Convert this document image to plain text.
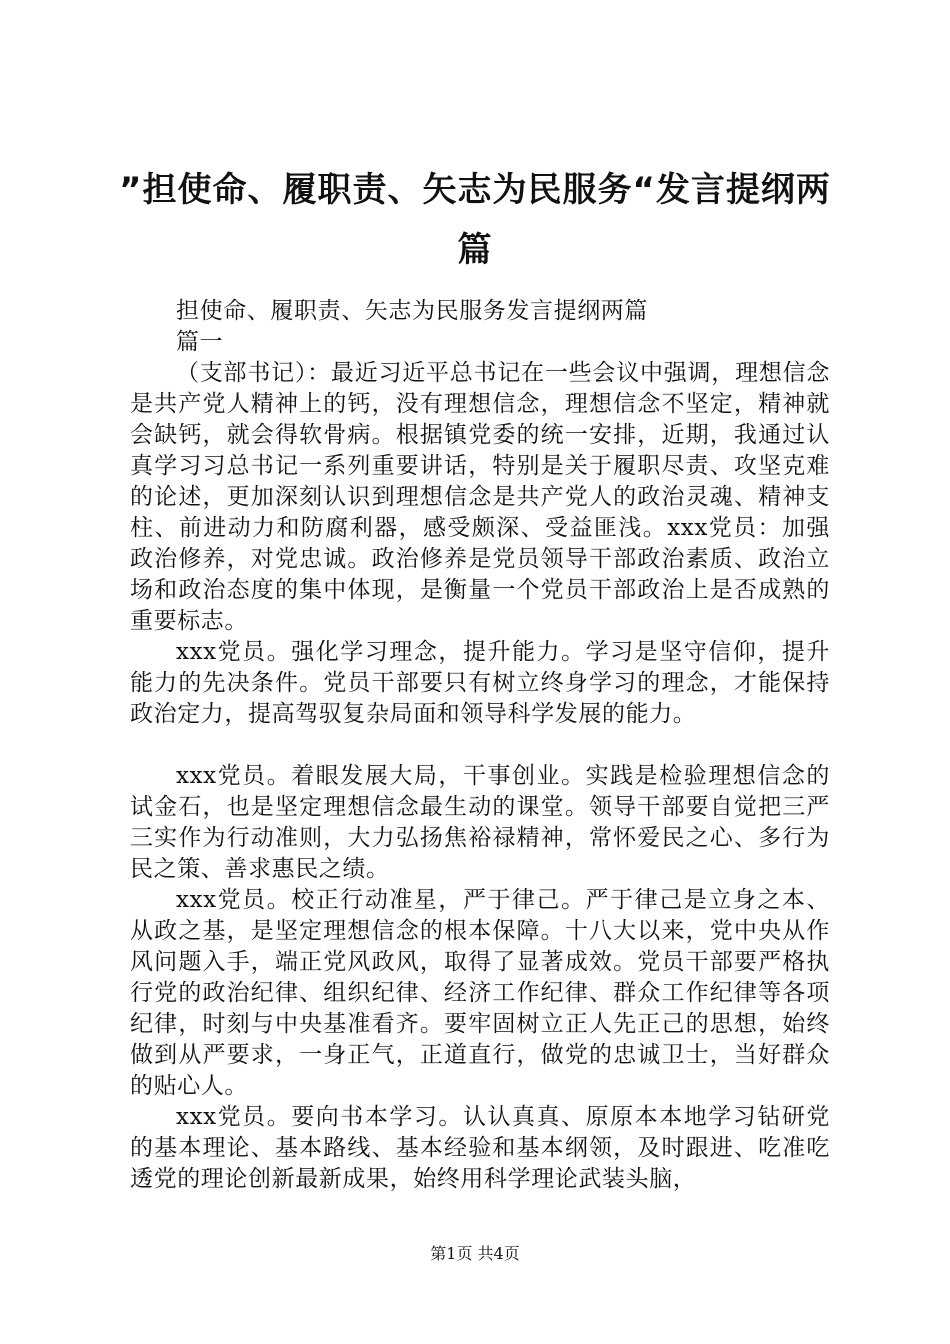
”担使命、履职责、矢志为民服务“发言提纲两篇

担使命、履职责、矢志为民服务发言提纲两篇

篇一

（支部书记）：最近习近平总书记在一些会议中强调，理想信念是共产党人精神上的钙，没有理想信念，理想信念不坚定，精神就会缺钙，就会得软骨病。根据镇党委的统一安排，近期，我通过认真学习习总书记一系列重要讲话，特别是关于履职尽责、攻坚克难的论述，更加深刻认识到理想信念是共产党人的政治灵魂、精神支柱、前进动力和防腐利器，感受颇深、受益匪浅。xxx党员：加强政治修养，对党忠诚。政治修养是党员领导干部政治素质、政治立场和政治态度的集中体现，是衡量一个党员干部政治上是否成熟的重要标志。

xxx党员。强化学习理念，提升能力。学习是坚守信仰，提升能力的先决条件。党员干部要只有树立终身学习的理念，才能保持政治定力，提高驾驭复杂局面和领导科学发展的能力。

xxx党员。着眼发展大局，干事创业。实践是检验理想信念的试金石，也是坚定理想信念最生动的课堂。领导干部要自觉把三严三实作为行动准则，大力弘扬焦裕禄精神，常怀爱民之心、多行为民之策、善求惠民之绩。

xxx党员。校正行动准星，严于律己。严于律己是立身之本、从政之基，是坚定理想信念的根本保障。十八大以来，党中央从作风问题入手，端正党风政风，取得了显著成效。党员干部要严格执行党的政治纪律、组织纪律、经济工作纪律、群众工作纪律等各项纪律，时刻与中央基准看齐。要牢固树立正人先正己的思想，始终做到从严要求，一身正气，正道直行，做党的忠诚卫士，当好群众的贴心人。

xxx党员。要向书本学习。认认真真、原原本本地学习钻研党的基本理论、基本路线、基本经验和基本纲领，及时跟进、吃准吃透党的理论创新最新成果，始终用科学理论武装头脑，

第1页 共4页
